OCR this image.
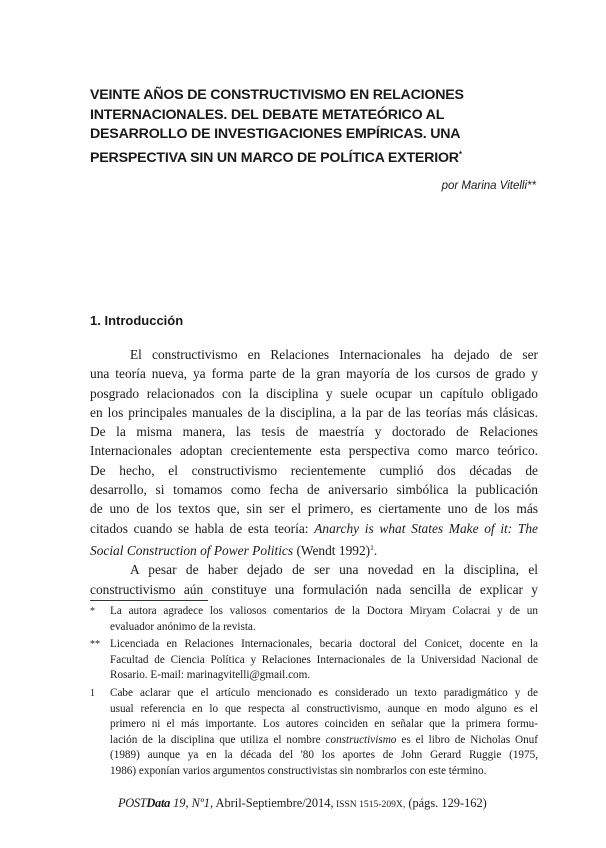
VEINTE AÑOS DE CONSTRUCTIVISMO EN RELACIONES
INTERNACIONALES. DEL DEBATE METATEÓRICO AL
DESARROLLO DE INVESTIGACIONES EMPÍRICAS. UNA
PERSPECTIVA SIN UN MARCO DE POLÍTICA EXTERIOR*
por Marina Vitelli**
1. Introducción
El constructivismo en Relaciones Internacionales ha dejado de ser
una teoría nueva, ya forma parte de la gran mayoría de los cursos de grado y
posgrado relacionados con la disciplina y suele ocupar un capítulo obligado
en los principales manuales de la disciplina, a la par de las teorías más clásicas.
De la misma manera, las tesis de maestría y doctorado de Relaciones
Internacionales adoptan crecientemente esta perspectiva como marco teórico.
De hecho, el constructivismo recientemente cumplió dos décadas de
desarrollo, si tomamos como fecha de aniversario simbólica la publicación
de uno de los textos que, sin ser el primero, es ciertamente uno de los más
citados cuando se habla de esta teoría: Anarchy is what States Make of it: The
Social Construction of Power Politics (Wendt 1992)$^1$.
A pesar de haber dejado de ser una novedad en la disciplina, el
constructivismo aún constituye una formulación nada sencilla de explicar y
* La autora agradece los valiosos comentarios de la Doctora Miryam Colacrai y de un
evaluador anónimo de la revista.
** Licenciada en Relaciones Internacionales, becaria doctoral del Conicet, docente en la
Facultad de Ciencia Política y Relaciones Internacionales de la Universidad Nacional de
Rosario. E-mail: marinagvitelli@gmail.com.
1 Cabe aclarar que el artículo mencionado es considerado un texto paradigmático y de
usual referencia en lo que respecta al constructivismo, aunque en modo alguno es el
primero ni el más importante. Los autores coinciden en señalar que la primera formu-
lación de la disciplina que utiliza el nombre constructivismo es el libro de Nicholas Onuf
(1989) aunque ya en la década del '80 los aportes de John Gerard Ruggie (1975,
1986) exponían varios argumentos constructivistas sin nombrarlos con este término.
POSTData 19, Nº1, Abril-Septiembre/2014, ISSN 1515-209X, (págs. 129-162)
